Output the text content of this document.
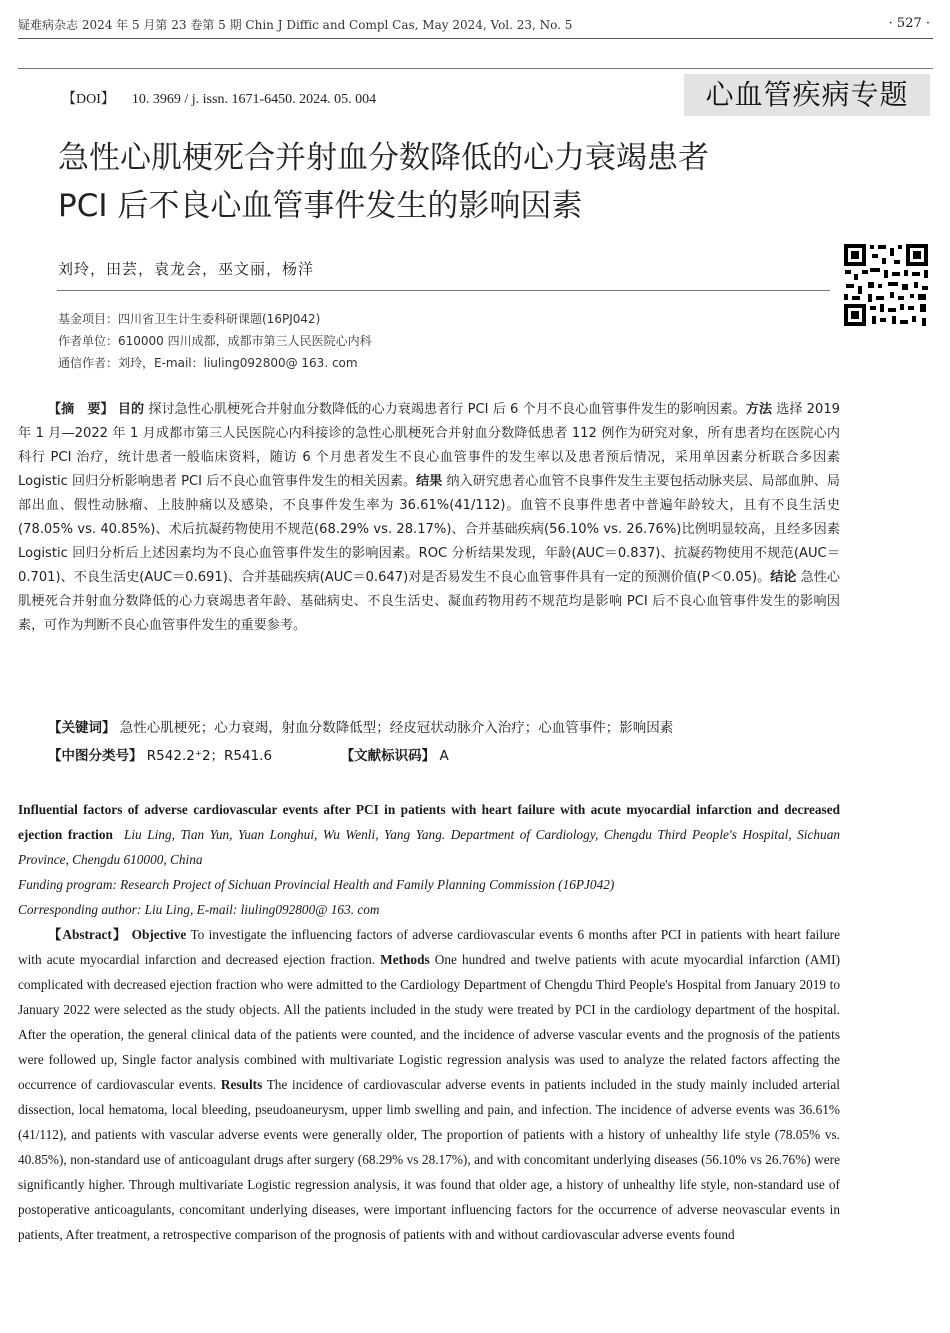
疑难病杂志 2024 年 5 月第 23 卷第 5 期 Chin J Diffic and Compl Cas, May 2024, Vol. 23, No. 5	· 527 ·
【DOI】 10. 3969 / j. issn. 1671-6450. 2024. 05. 004	心血管疾病专题
急性心肌梗死合并射血分数降低的心力衰竭患者
PCI 后不良心血管事件发生的影响因素
刘玲，田芸，袁龙会，巫文丽，杨洋
基金项目：四川省卫生计生委科研课题(16PJ042)
作者单位：610000 四川成都，成都市第三人民医院心内科
通信作者：刘玲，E-mail：liuling092800@ 163. com

【摘　要】 目的 探讨急性心肌梗死合并射血分数降低的心力衰竭患者行 PCI 后 6 个月不良心血管事件发生的影响因素。方法 选择 2019 年 1 月—2022 年 1 月成都市第三人民医院心内科接诊的急性心肌梗死合并射血分数降低患者 112 例作为研究对象，所有患者均在医院心内科行 PCI 治疗，统计患者一般临床资料，随访 6 个月患者发生不良心血管事件的发生率以及患者预后情况，采用单因素分析联合多因素 Logistic 回归分析影响患者 PCI 后不良心血管事件发生的相关因素。结果 纳入研究患者心血管不良事件发生主要包括动脉夹层、局部血肿、局部出血、假性动脉瘤、上肢肿痛以及感染，不良事件发生率为 36.61%(41/112)。血管不良事件患者中普遍年龄较大，且有不良生活史(78.05% vs. 40.85%)、术后抗凝药物使用不规范(68.29% vs. 28.17%)、合并基础疾病(56.10% vs. 26.76%)比例明显较高，且经多因素 Logistic 回归分析后上述因素均为不良心血管事件发生的影响因素。ROC 分析结果发现，年龄(AUC＝0.837)、抗凝药物使用不规范(AUC＝0.701)、不良生活史(AUC＝0.691)、合并基础疾病(AUC＝0.647)对是否易发生不良心血管事件具有一定的预测价值(P＜0.05)。结论 急性心肌梗死合并射血分数降低的心力衰竭患者年龄、基础病史、不良生活史、凝血药物用药不规范均是影响 PCI 后不良心血管事件发生的影响因素，可作为判断不良心血管事件发生的重要参考。

【关键词】 急性心肌梗死；心力衰竭，射血分数降低型；经皮冠状动脉介入治疗；心血管事件；影响因素
【中图分类号】 R542.2⁺2；R541.6	【文献标识码】 A

Influential factors of adverse cardiovascular events after PCI in patients with heart failure with acute myocardial infarction and decreased ejection fraction Liu Ling, Tian Yun, Yuan Longhui, Wu Wenli, Yang Yang. Department of Cardiology, Chengdu Third People's Hospital, Sichuan Province, Chengdu 610000, China

Funding program: Research Project of Sichuan Provincial Health and Family Planning Commission (16PJ042)

Corresponding author: Liu Ling, E-mail: liuling092800@ 163. com

【Abstract】 Objective To investigate the influencing factors of adverse cardiovascular events 6 months after PCI in patients with heart failure with acute myocardial infarction and decreased ejection fraction. Methods One hundred and twelve patients with acute myocardial infarction (AMI) complicated with decreased ejection fraction who were admitted to the Cardiology Department of Chengdu Third People's Hospital from January 2019 to January 2022 were selected as the study objects. All the patients included in the study were treated by PCI in the cardiology department of the hospital. After the operation, the general clinical data of the patients were counted, and the incidence of adverse vascular events and the prognosis of the patients were followed up, Single factor analysis combined with multivariate Logistic regression analysis was used to analyze the related factors affecting the occurrence of cardiovascular events. Results The incidence of cardiovascular adverse events in patients included in the study mainly included arterial dissection, local hematoma, local bleeding, pseudoaneurysm, upper limb swelling and pain, and infection. The incidence of adverse events was 36.61% (41/112), and patients with vascular adverse events were generally older, The proportion of patients with a history of unhealthy life style (78.05% vs. 40.85%), non-standard use of anticoagulant drugs after surgery (68.29% vs 28.17%), and with concomitant underlying diseases (56.10% vs 26.76%) were significantly higher. Through multivariate Logistic regression analysis, it was found that older age, a history of unhealthy life style, non-standard use of postoperative anticoagulants, concomitant underlying diseases, were important influencing factors for the occurrence of adverse neovascular events in patients, After treatment, a retrospective comparison of the prognosis of patients with and without cardiovascular adverse events found
